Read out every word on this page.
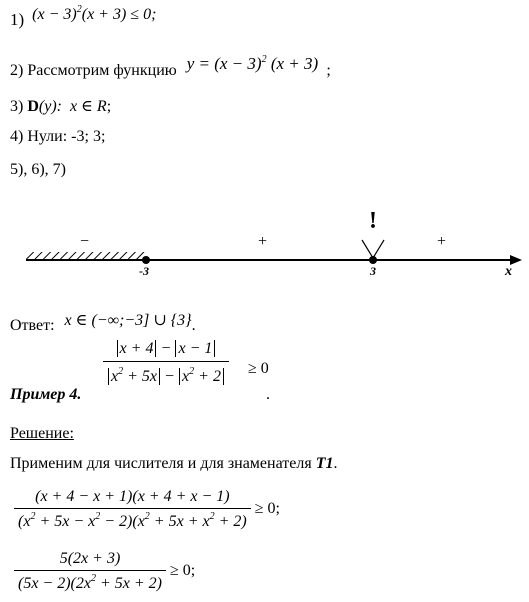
1) $(x - 3)^2(x + 3) \le 0$;
2) Рассмотрим функцию $y = (x - 3)^2$ (x + 3) ;
3) D(y): x ∈ R;
4) Нули: -3; 3;
5), 6), 7)
!
−	+	+
-3	3	x
Ответ: x ∈ (−∞;−3] ∪ {3}.
Пример 4.
$\frac{x + 4 - x - 1}{x^2 + 5x - x^2 + 2} \ge 0$
.
Решение:
Применим для числителя и для знаменателя T1.
$\frac{(x + 4 - x + 1)(x + 4 + x - 1)}{(x^2 + 5x - x^2 - 2)(x^2 + 5x + x^2 + 2)} \ge 0$;
$\frac{5(2x + 3)}{(5x - 2)(2x^2 + 5x + 2)} \ge 0$;
